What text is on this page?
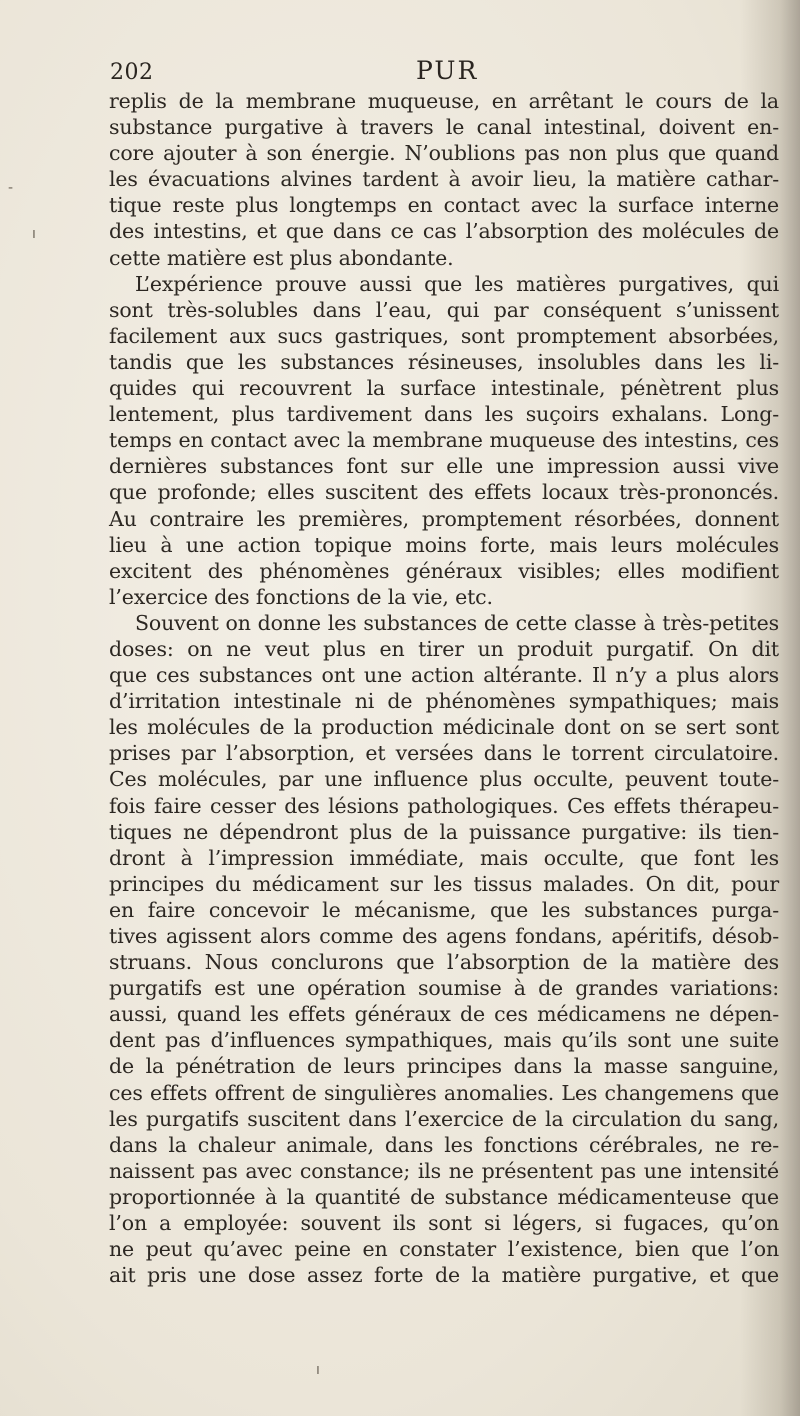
-
ı
ı
202	PUR
replis de la membrane muqueuse, en arrêtant le cours de la
substance purgative à travers le canal intestinal, doivent en-
core ajouter à son énergie. N’oublions pas non plus que quand
les évacuations alvines tardent à avoir lieu, la matière cathar-
tique reste plus longtemps en contact avec la surface interne
des intestins, et que dans ce cas l’absorption des molécules de
cette matière est plus abondante.
L’expérience prouve aussi que les matières purgatives, qui
sont très-solubles dans l’eau, qui par conséquent s’unissent
facilement aux sucs gastriques, sont promptement absorbées,
tandis que les substances résineuses, insolubles dans les li-
quides qui recouvrent la surface intestinale, pénètrent plus
lentement, plus tardivement dans les suçoirs exhalans. Long-
temps en contact avec la membrane muqueuse des intestins, ces
dernières substances font sur elle une impression aussi vive
que profonde; elles suscitent des effets locaux très-prononcés.
Au contraire les premières, promptement résorbées, donnent
lieu à une action topique moins forte, mais leurs molécules
excitent des phénomènes généraux visibles; elles modifient
l’exercice des fonctions de la vie, etc.
Souvent on donne les substances de cette classe à très-petites
doses: on ne veut plus en tirer un produit purgatif. On dit
que ces substances ont une action altérante. Il n’y a plus alors
d’irritation intestinale ni de phénomènes sympathiques; mais
les molécules de la production médicinale dont on se sert sont
prises par l’absorption, et versées dans le torrent circulatoire.
Ces molécules, par une influence plus occulte, peuvent toute-
fois faire cesser des lésions pathologiques. Ces effets thérapeu-
tiques ne dépendront plus de la puissance purgative: ils tien-
dront à l’impression immédiate, mais occulte, que font les
principes du médicament sur les tissus malades. On dit, pour
en faire concevoir le mécanisme, que les substances purga-
tives agissent alors comme des agens fondans, apéritifs, désob-
struans. Nous conclurons que l’absorption de la matière des
purgatifs est une opération soumise à de grandes variations:
aussi, quand les effets généraux de ces médicamens ne dépen-
dent pas d’influences sympathiques, mais qu’ils sont une suite
de la pénétration de leurs principes dans la masse sanguine,
ces effets offrent de singulières anomalies. Les changemens que
les purgatifs suscitent dans l’exercice de la circulation du sang,
dans la chaleur animale, dans les fonctions cérébrales, ne re-
naissent pas avec constance; ils ne présentent pas une intensité
proportionnée à la quantité de substance médicamenteuse que
l’on a employée: souvent ils sont si légers, si fugaces, qu’on
ne peut qu’avec peine en constater l’existence, bien que l’on
ait pris une dose assez forte de la matière purgative, et que
